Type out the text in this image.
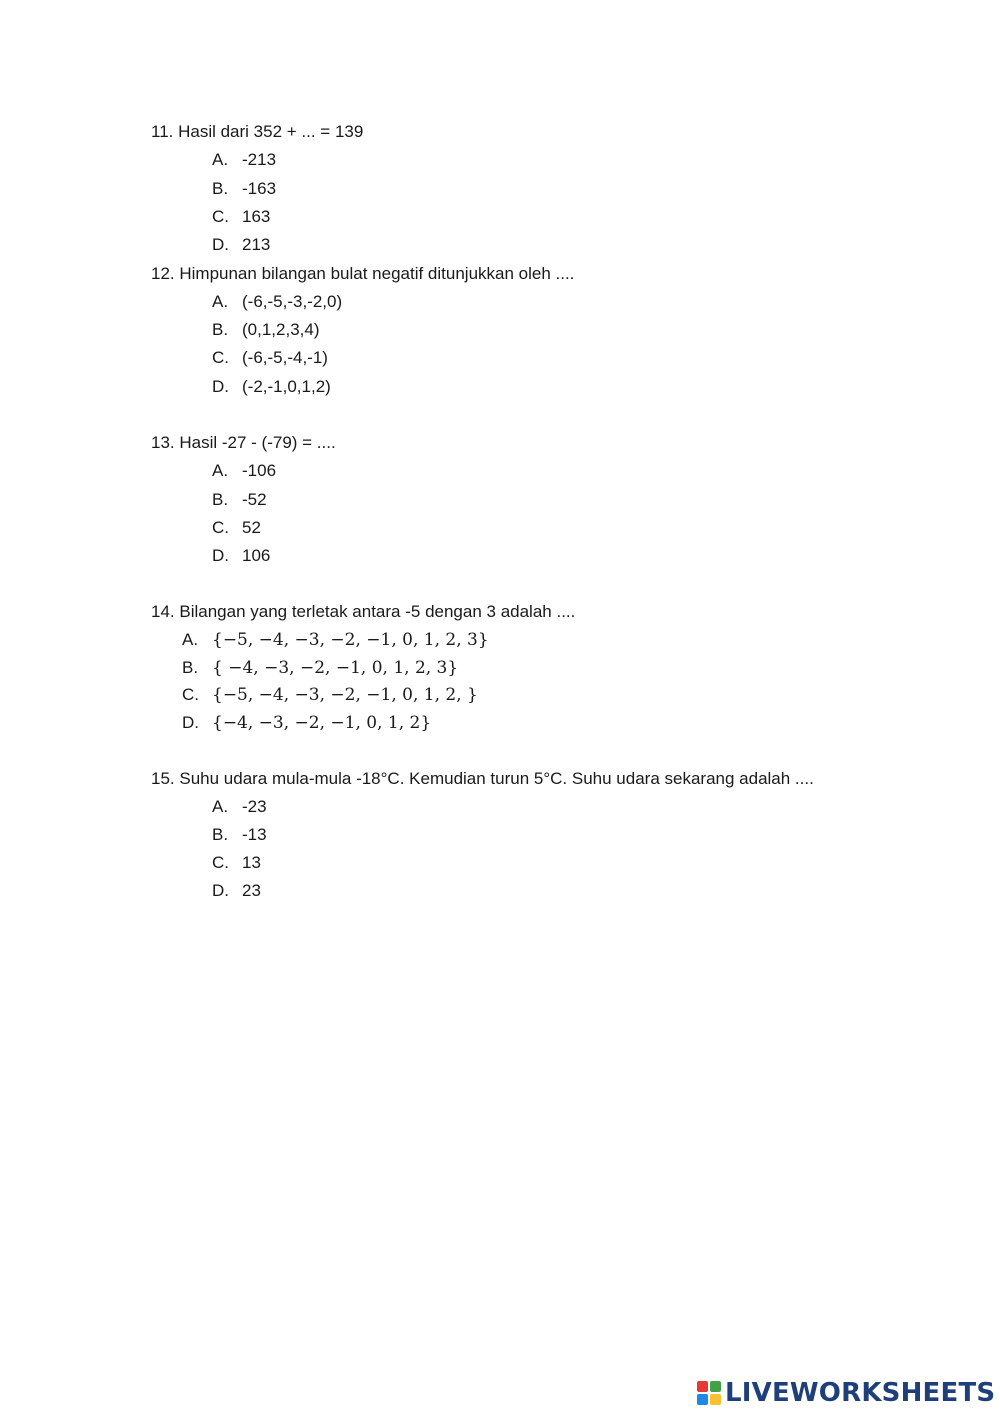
11. Hasil dari 352 + ... = 139
A. -213
B. -163
C. 163
D. 213
12. Himpunan bilangan bulat negatif ditunjukkan oleh ....
A. (-6,-5,-3,-2,0)
B. (0,1,2,3,4)
C. (-6,-5,-4,-1)
D. (-2,-1,0,1,2)
13. Hasil -27 - (-79) = ....
A. -106
B. -52
C. 52
D. 106
14. Bilangan yang terletak antara -5 dengan 3 adalah ....
A. {−5, −4, −3, −2, −1, 0, 1, 2, 3}
B. { −4, −3, −2, −1, 0, 1, 2, 3}
C. {−5, −4, −3, −2, −1, 0, 1, 2, }
D. {−4, −3, −2, −1, 0, 1, 2}
15. Suhu udara mula-mula -18°C. Kemudian turun 5°C. Suhu udara sekarang adalah ....
A. -23
B. -13
C. 13
D. 23
LIVEWORKSHEETS
